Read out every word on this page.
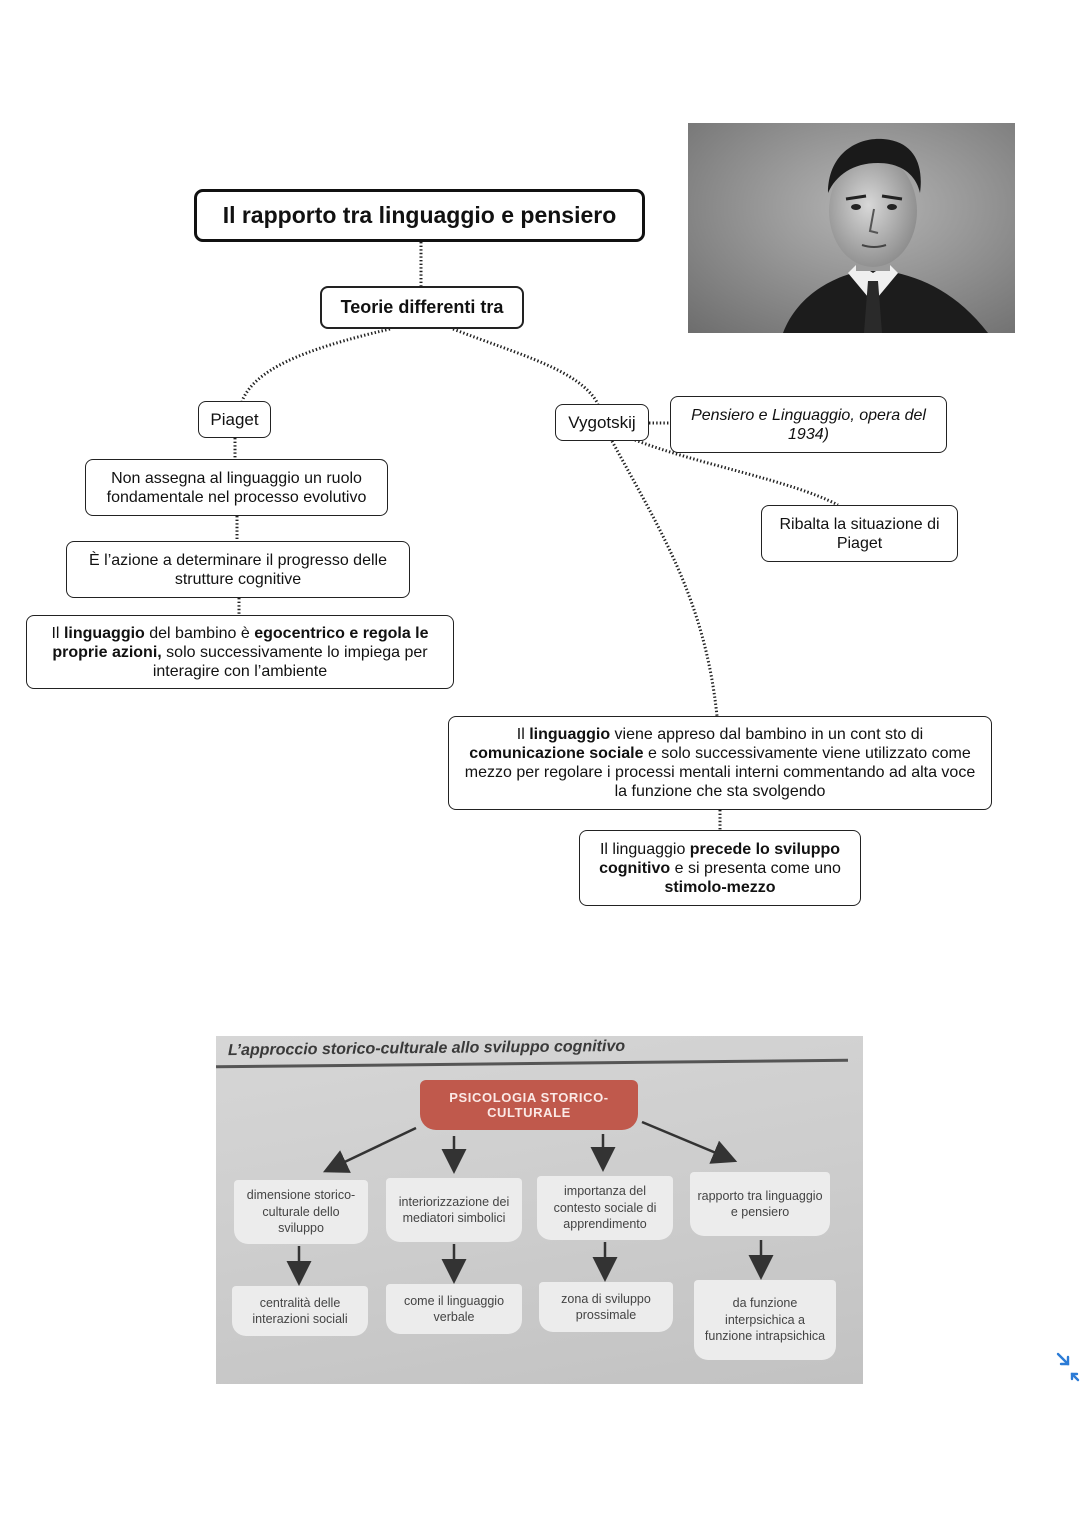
Il rapporto tra linguaggio e pensiero
Teorie differenti tra
Piaget
Non assegna al linguaggio un ruolo fondamentale nel processo evolutivo
È l’azione a determinare il progresso delle strutture cognitive
Il linguaggio del bambino è egocentrico e regola le proprie azioni, solo successivamente lo impiega per interagire con l’ambiente
Vygotskij	Pensiero e Linguaggio, opera del 1934)
Ribalta la situazione di Piaget
Il linguaggio viene appreso dal bambino in un cont sto di comunicazione sociale e solo successivamente viene utilizzato come mezzo per regolare i processi mentali interni commentando ad alta voce la funzione che sta svolgendo
Il linguaggio precede lo sviluppo cognitivo e si presenta come uno stimolo-mezzo
L’approccio storico-culturale allo sviluppo cognitivo
PSICOLOGIA STORICO-CULTURALE
dimensione storico-culturale dello sviluppo
interiorizzazione dei mediatori simbolici
importanza del contesto sociale di apprendimento
rapporto tra linguaggio e pensiero
centralità delle interazioni sociali
come il linguaggio verbale
zona di sviluppo prossimale
da funzione interpsichica a funzione intrapsichica
